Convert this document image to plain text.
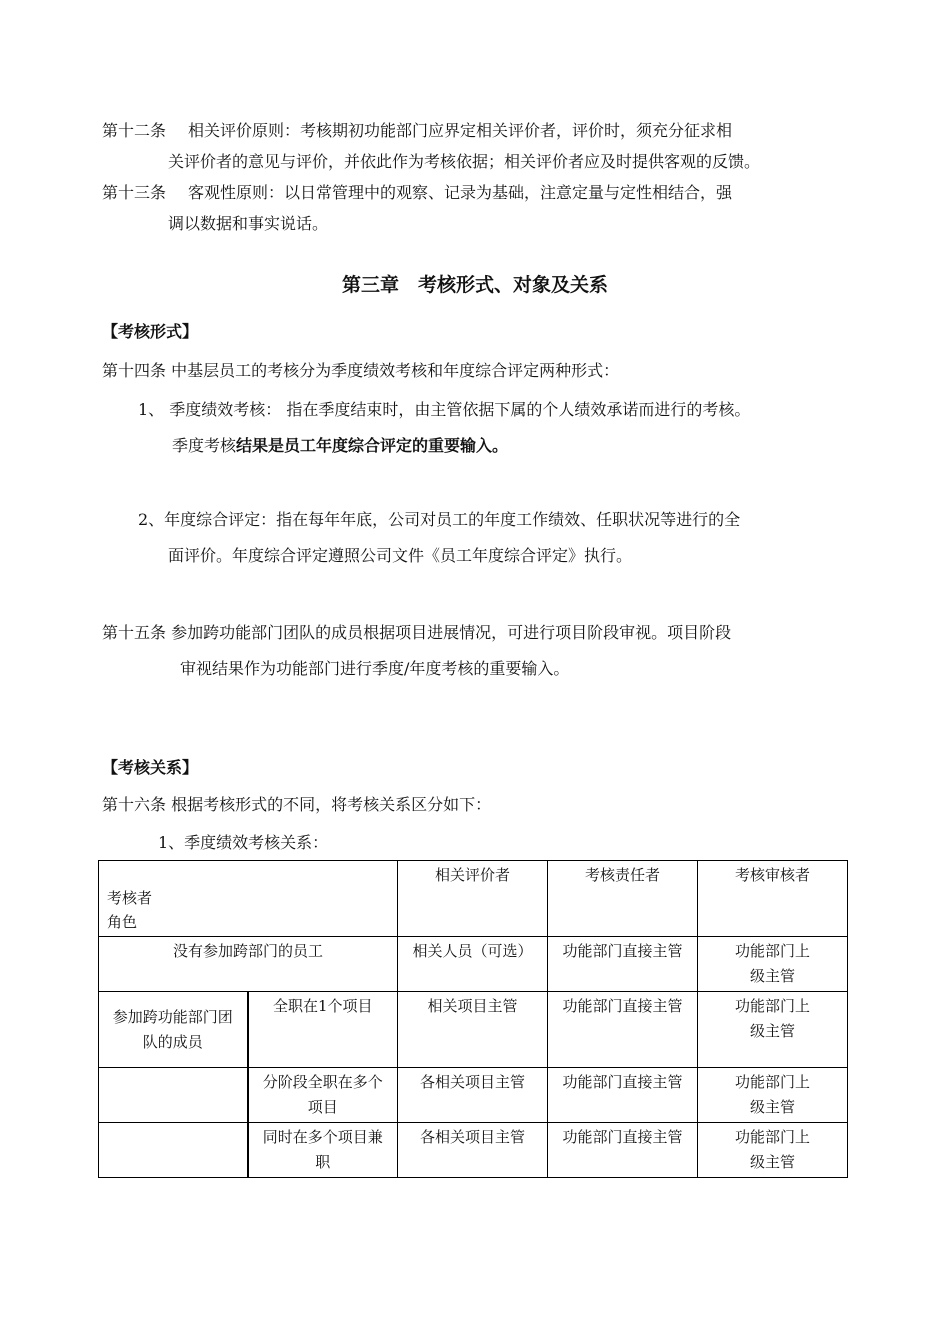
第十二条 相关评价原则：考核期初功能部门应界定相关评价者，评价时，须充分征求相
关评价者的意见与评价，并依此作为考核依据；相关评价者应及时提供客观的反馈。
第十三条 客观性原则：以日常管理中的观察、记录为基础，注意定量与定性相结合，强
调以数据和事实说话。
第三章　考核形式、对象及关系
【考核形式】
第十四条 中基层员工的考核分为季度绩效考核和年度综合评定两种形式：
1、 季度绩效考核： 指在季度结束时，由主管依据下属的个人绩效承诺而进行的考核。
季度考核结果是员工年度综合评定的重要输入。
2、年度综合评定：指在每年年底，公司对员工的年度工作绩效、任职状况等进行的全
面评价。年度综合评定遵照公司文件《员工年度综合评定》执行。
第十五条 参加跨功能部门团队的成员根据项目进展情况，可进行项目阶段审视。项目阶段
审视结果作为功能部门进行季度/年度考核的重要输入。
【考核关系】
第十六条 根据考核形式的不同，将考核关系区分如下：
1、季度绩效考核关系：
考核者
角色		相关评价者	考核责任者	考核审核者
没有参加跨部门的员工		相关人员（可选）	功能部门直接主管	功能部门上级主管
参加跨功能部门团队的成员	全职在1个项目	相关项目主管	功能部门直接主管	功能部门上级主管
	分阶段全职在多个项目	各相关项目主管	功能部门直接主管	功能部门上级主管
	同时在多个项目兼职	各相关项目主管	功能部门直接主管	功能部门上级主管
